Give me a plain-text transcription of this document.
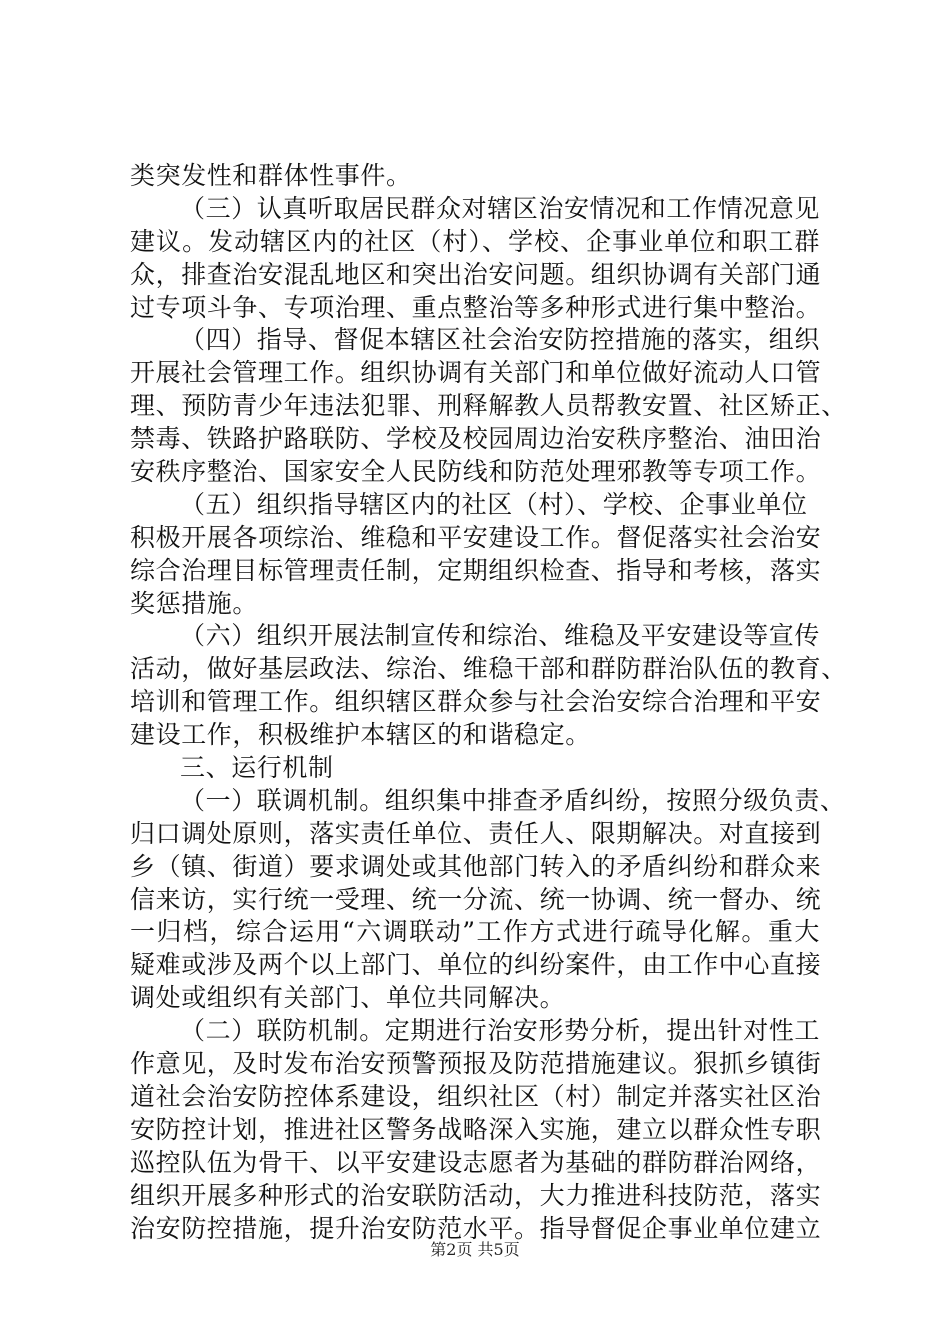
类突发性和群体性事件。
（三）认真听取居民群众对辖区治安情况和工作情况意见
建议。发动辖区内的社区（村）、学校、企事业单位和职工群
众，排查治安混乱地区和突出治安问题。组织协调有关部门通
过专项斗争、专项治理、重点整治等多种形式进行集中整治。
（四）指导、督促本辖区社会治安防控措施的落实，组织
开展社会管理工作。组织协调有关部门和单位做好流动人口管
理、预防青少年违法犯罪、刑释解教人员帮教安置、社区矫正、
禁毒、铁路护路联防、学校及校园周边治安秩序整治、油田治
安秩序整治、国家安全人民防线和防范处理邪教等专项工作。
（五）组织指导辖区内的社区（村）、学校、企事业单位
积极开展各项综治、维稳和平安建设工作。督促落实社会治安
综合治理目标管理责任制，定期组织检查、指导和考核，落实
奖惩措施。
（六）组织开展法制宣传和综治、维稳及平安建设等宣传
活动，做好基层政法、综治、维稳干部和群防群治队伍的教育、
培训和管理工作。组织辖区群众参与社会治安综合治理和平安
建设工作，积极维护本辖区的和谐稳定。
三、运行机制
（一）联调机制。组织集中排查矛盾纠纷，按照分级负责、
归口调处原则，落实责任单位、责任人、限期解决。对直接到
乡（镇、街道）要求调处或其他部门转入的矛盾纠纷和群众来
信来访，实行统一受理、统一分流、统一协调、统一督办、统
一归档，综合运用“六调联动”工作方式进行疏导化解。重大
疑难或涉及两个以上部门、单位的纠纷案件，由工作中心直接
调处或组织有关部门、单位共同解决。
（二）联防机制。定期进行治安形势分析，提出针对性工
作意见，及时发布治安预警预报及防范措施建议。狠抓乡镇街
道社会治安防控体系建设，组织社区（村）制定并落实社区治
安防控计划，推进社区警务战略深入实施，建立以群众性专职
巡控队伍为骨干、以平安建设志愿者为基础的群防群治网络，
组织开展多种形式的治安联防活动，大力推进科技防范，落实
治安防控措施，提升治安防范水平。指导督促企事业单位建立
第2页 共5页
